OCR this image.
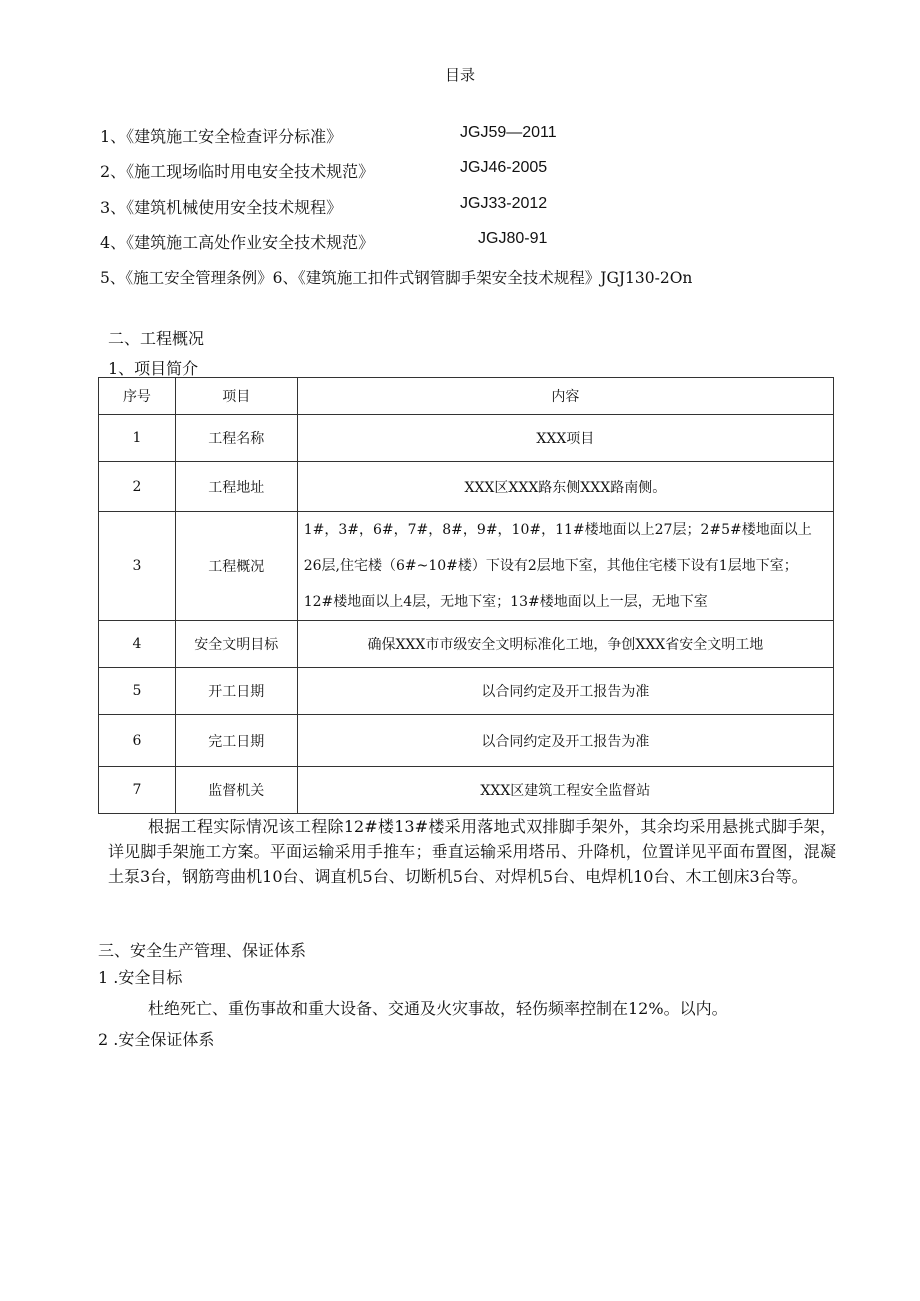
目录
1、《建筑施工安全检查评分标准》	JGJ59—2011
2、《施工现场临时用电安全技术规范》	JGJ46-2005
3、《建筑机械使用安全技术规程》	JGJ33-2012
4、《建筑施工高处作业安全技术规范》	JGJ80-91
5、《施工安全管理条例》6、《建筑施工扣件式钢管脚手架安全技术规程》JGJ130-2On
二、工程概况
1、项目简介
序号	项目	内容
1	工程名称	XXX项目
2	工程地址	XXX区XXX路东侧XXX路南侧。
3	工程概况	1#，3#，6#，7#，8#，9#，10#，11#楼地面以上27层；2#5#楼地面以上
26层,住宅楼（6#~10#楼）下设有2层地下室，其他住宅楼下设有1层地下室；
12#楼地面以上4层，无地下室；13#楼地面以上一层，无地下室

4	安全文明目标	确保XXX市市级安全文明标准化工地，争创XXX省安全文明工地
5	开工日期	以合同约定及开工报告为准
6	完工日期	以合同约定及开工报告为准
7	监督机关	XXX区建筑工程安全监督站
根据工程实际情况该工程除12#楼13#楼采用落地式双排脚手架外，其余均采用悬挑式脚手架，详见脚手架施工方案。平面运输采用手推车；垂直运输采用塔吊、升降机，位置详见平面布置图，混凝土泵3台，钢筋弯曲机10台、调直机5台、切断机5台、对焊机5台、电焊机10台、木工刨床3台等。
三、安全生产管理、保证体系
1 .安全目标
杜绝死亡、重伤事故和重大设备、交通及火灾事故，轻伤频率控制在12%。以内。
2 .安全保证体系
